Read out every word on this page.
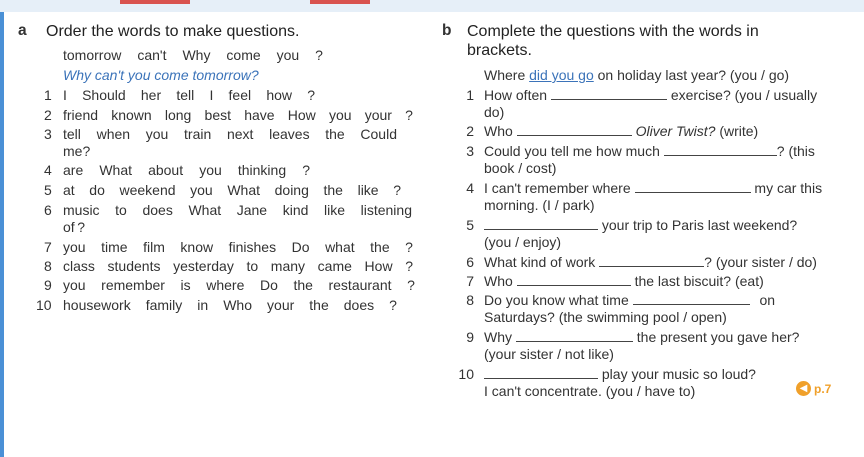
a Order the words to make questions.
tomorrow can't Why come you ?
Why can't you come tomorrow?
1 I Should her tell I feel how ?
2 friend known long best have How you your ?
3 tell when you train next leaves the Could
me ?
4 are What about you thinking ?
5 at do weekend you What doing the like ?
6 music to does What Jane kind like listening
of ?
7 you time film know finishes Do what the ?
8 class students yesterday to many came How ?
9 you remember is where Do the restaurant ?
10 housework family in Who your the does ?
b Complete the questions with the words in
brackets.
Where did you go on holiday last year? (you / go)
1
2
3
4
5
6
7
8
9
10
How often	exercise? (you / usually
do)
Who	Oliver Twist? (write)
Could you tell me how much	? (this
book / cost)
I can't remember where	my car this
morning. (I / park)
your trip to Paris last weekend?
(you / enjoy)
What kind of work	? (your sister / do)
Who	the last biscuit? (eat)
Do you know what time	on
Saturdays? (the swimming pool / open)
Why	the present you gave her?
(your sister / not like)
play your music so loud?
I can't concentrate. (you / have to)	◀ p.7
